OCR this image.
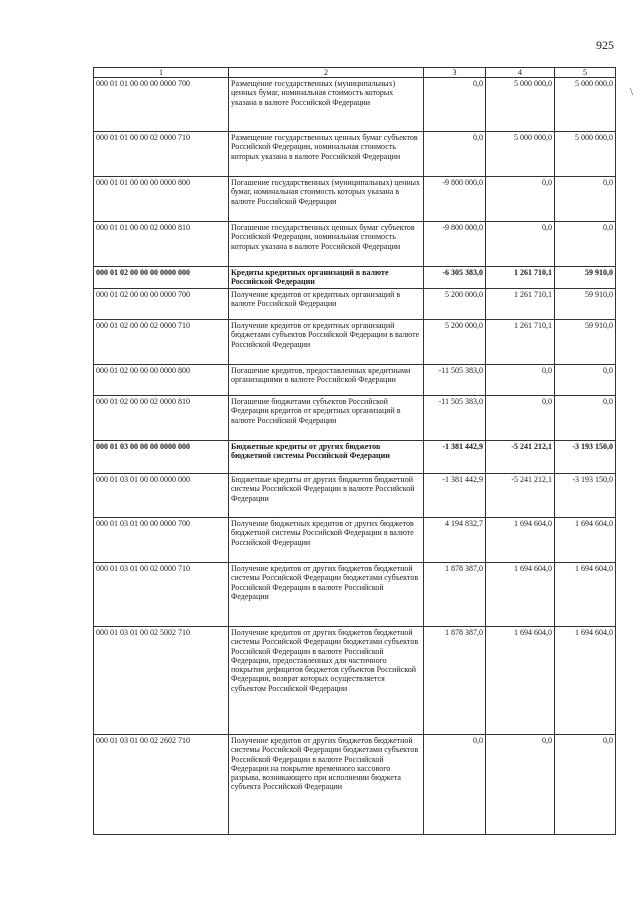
925
\
1	2	3	4	5
000 01 01 00 00 00 0000 700	Размещение государственных (муниципальных) ценных бумаг, номинальная стоимость которых указана в валюте Российской Федерации	0,0	5 000 000,0	5 000 000,0
000 01 01 00 00 02 0000 710	Размещение государственных ценных бумаг субъектов Российской Федерации, номинальная стоимость которых указана в валюте Российской Федерации	0,0	5 000 000,0	5 000 000,0
000 01 01 00 00 00 0000 800	Погашение государственных (муниципальных) ценных бумаг, номинальная стоимость которых указана в валюте Российской Федерации	-9 800 000,0	0,0	0,0
000 01 01 00 00 02 0000 810	Погашение государственных ценных бумаг субъектов Российской Федерации, номинальная стоимость которых указана в валюте Российской Федерации	-9 800 000,0	0,0	0,0
000 01 02 00 00 00 0000 000	Кредиты кредитных организаций в валюте Российской Федерации	-6 305 383,0	1 261 710,1	59 910,0
000 01 02 00 00 00 0000 700	Получение кредитов от кредитных организаций в валюте Российской Федерации	5 200 000,0	1 261 710,1	59 910,0
000 01 02 00 00 02 0000 710	Получение кредитов от кредитных организаций бюджетами субъектов Российской Федерации в валюте Российской Федерации	5 200 000,0	1 261 710,1	59 910,0
000 01 02 00 00 00 0000 800	Погашение кредитов, предоставленных кредитными организациями в валюте Российской Федерации	-11 505 383,0	0,0	0,0
000 01 02 00 00 02 0000 810	Погашение бюджетами субъектов Российской Федерации кредитов от кредитных организаций в валюте Российской Федерации	-11 505 383,0	0,0	0,0
000 01 03 00 00 00 0000 000	Бюджетные кредиты от других бюджетов бюджетной системы Российской Федерации	-1 381 442,9	-5 241 212,1	-3 193 150,0
000 01 03 01 00 00 0000 000	Бюджетные кредиты от других бюджетов бюджетной системы Российской Федерации в валюте Российской Федерации	-1 381 442,9	-5 241 212,1	-3 193 150,0
000 01 03 01 00 00 0000 700	Получение бюджетных кредитов от других бюджетов бюджетной системы Российской Федерации в валюте Российской Федерации	4 194 832,7	1 694 604,0	1 694 604,0
000 01 03 01 00 02 0000 710	Получение кредитов от других бюджетов бюджетной системы Российской Федерации бюджетами субъектов Российской Федерации в валюте Российской Федерации	1 878 387,0	1 694 604,0	1 694 604,0
000 01 03 01 00 02 5002 710	Получение кредитов от других бюджетов бюджетной системы Российской Федерации бюджетами субъектов Российской Федерации в валюте Российской Федерации, предоставленных для частичного покрытия дефицитов бюджетов субъектов Российской Федерации, возврат которых осуществляется субъектом Российской Федерации	1 878 387,0	1 694 604,0	1 694 604,0
000 01 03 01 00 02 2602 710	Получение кредитов от других бюджетов бюджетной системы Российской Федерации бюджетами субъектов Российской Федерации в валюте Российской Федерации на покрытие временного кассового разрыва, возникающего при исполнении бюджета субъекта Российской Федерации	0,0	0,0	0,0
